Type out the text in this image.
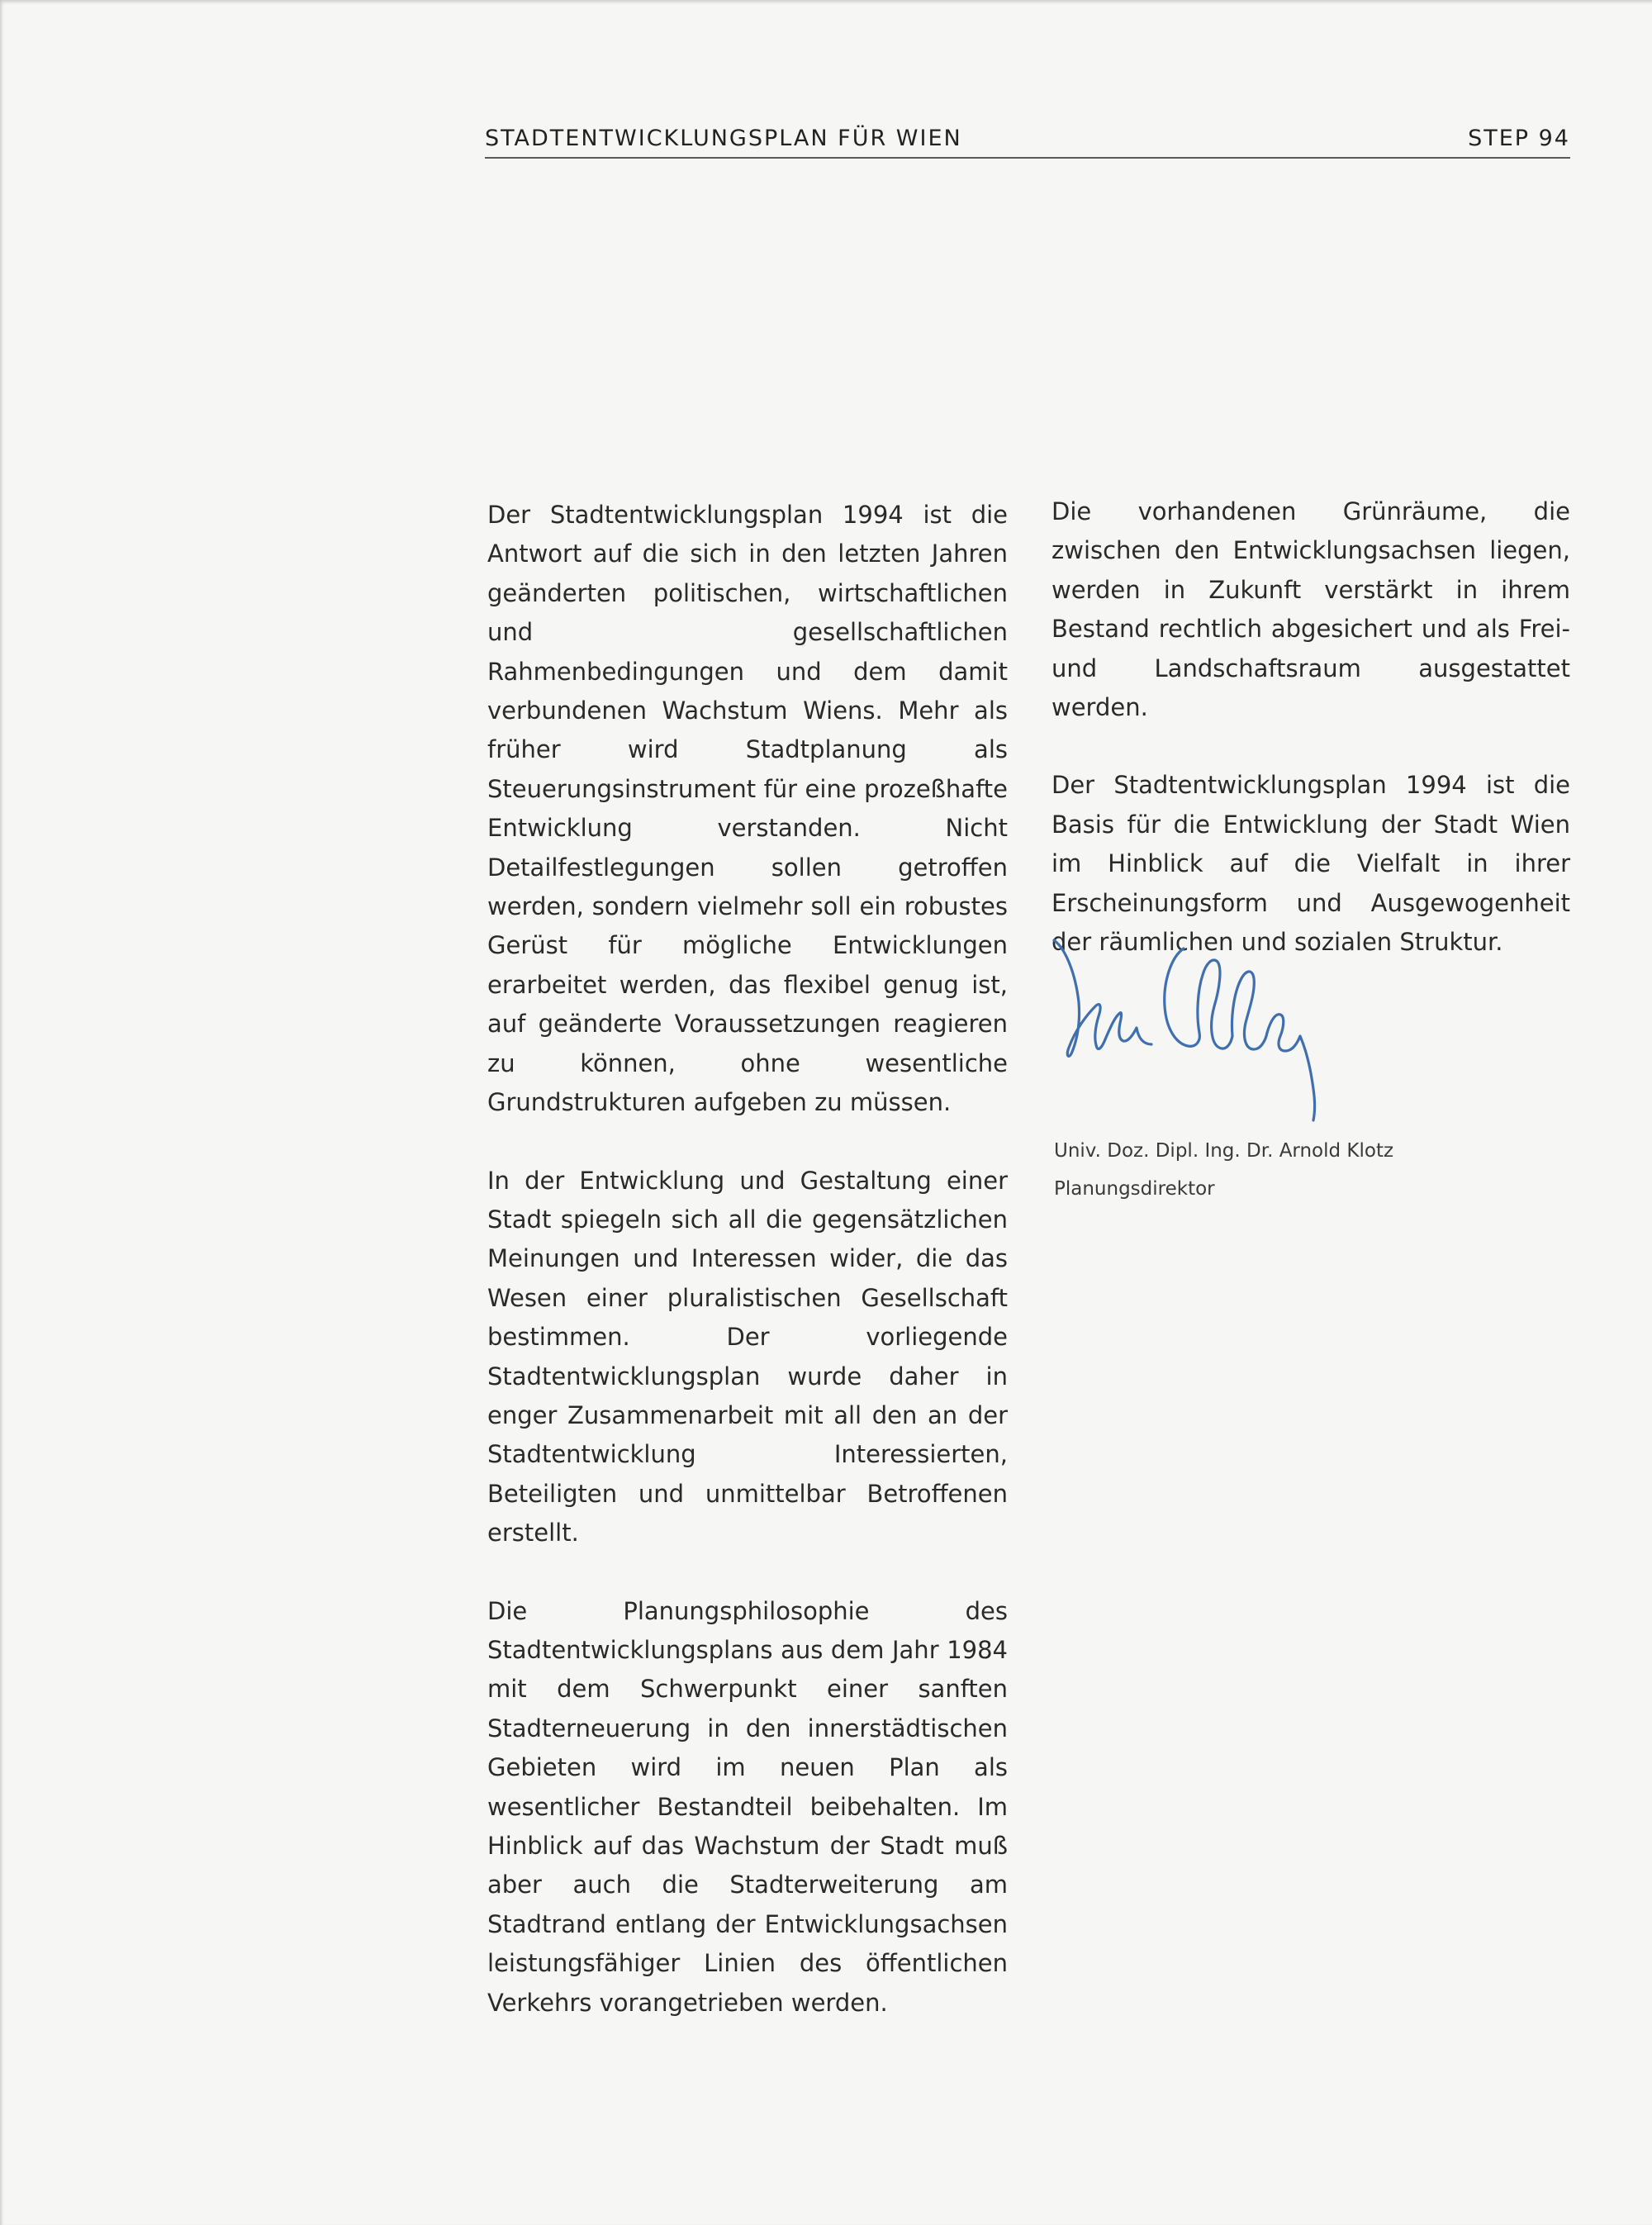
STADTENTWICKLUNGSPLAN FÜR WIEN	STEP 94

Der Stadtentwicklungsplan 1994 ist die Antwort auf die sich in den letzten Jahren geänderten politischen, wirtschaftlichen und gesellschaftlichen Rahmenbedingungen und dem damit verbundenen Wachstum Wiens. Mehr als früher wird Stadtplanung als Steuerungsinstrument für eine prozeßhafte Entwicklung verstanden. Nicht Detailfestlegungen sollen getroffen werden, sondern vielmehr soll ein robustes Gerüst für mögliche Entwicklungen erarbeitet werden, das flexibel genug ist, auf geänderte Voraussetzungen reagieren zu können, ohne wesentliche Grundstrukturen aufgeben zu müssen.

In der Entwicklung und Gestaltung einer Stadt spiegeln sich all die gegensätzlichen Meinungen und Interessen wider, die das Wesen einer pluralistischen Gesellschaft bestimmen. Der vorliegende Stadtentwicklungsplan wurde daher in enger Zusammenarbeit mit all den an der Stadtentwicklung Interessierten, Beteiligten und unmittelbar Betroffenen erstellt.

Die Planungsphilosophie des Stadtentwicklungsplans aus dem Jahr 1984 mit dem Schwerpunkt einer sanften Stadterneuerung in den innerstädtischen Gebieten wird im neuen Plan als wesentlicher Bestandteil beibehalten. Im Hinblick auf das Wachstum der Stadt muß aber auch die Stadterweiterung am Stadtrand entlang der Entwicklungsachsen leistungsfähiger Linien des öffentlichen Verkehrs vorangetrieben werden.

Die vorhandenen Grünräume, die zwischen den Entwicklungsachsen liegen, werden in Zukunft verstärkt in ihrem Bestand rechtlich abgesichert und als Frei- und Landschaftsraum ausgestattet werden.

Der Stadtentwicklungsplan 1994 ist die Basis für die Entwicklung der Stadt Wien im Hinblick auf die Vielfalt in ihrer Erscheinungsform und Ausgewogenheit der räumlichen und sozialen Struktur.

Univ. Doz. Dipl. Ing. Dr. Arnold Klotz
Planungsdirektor
